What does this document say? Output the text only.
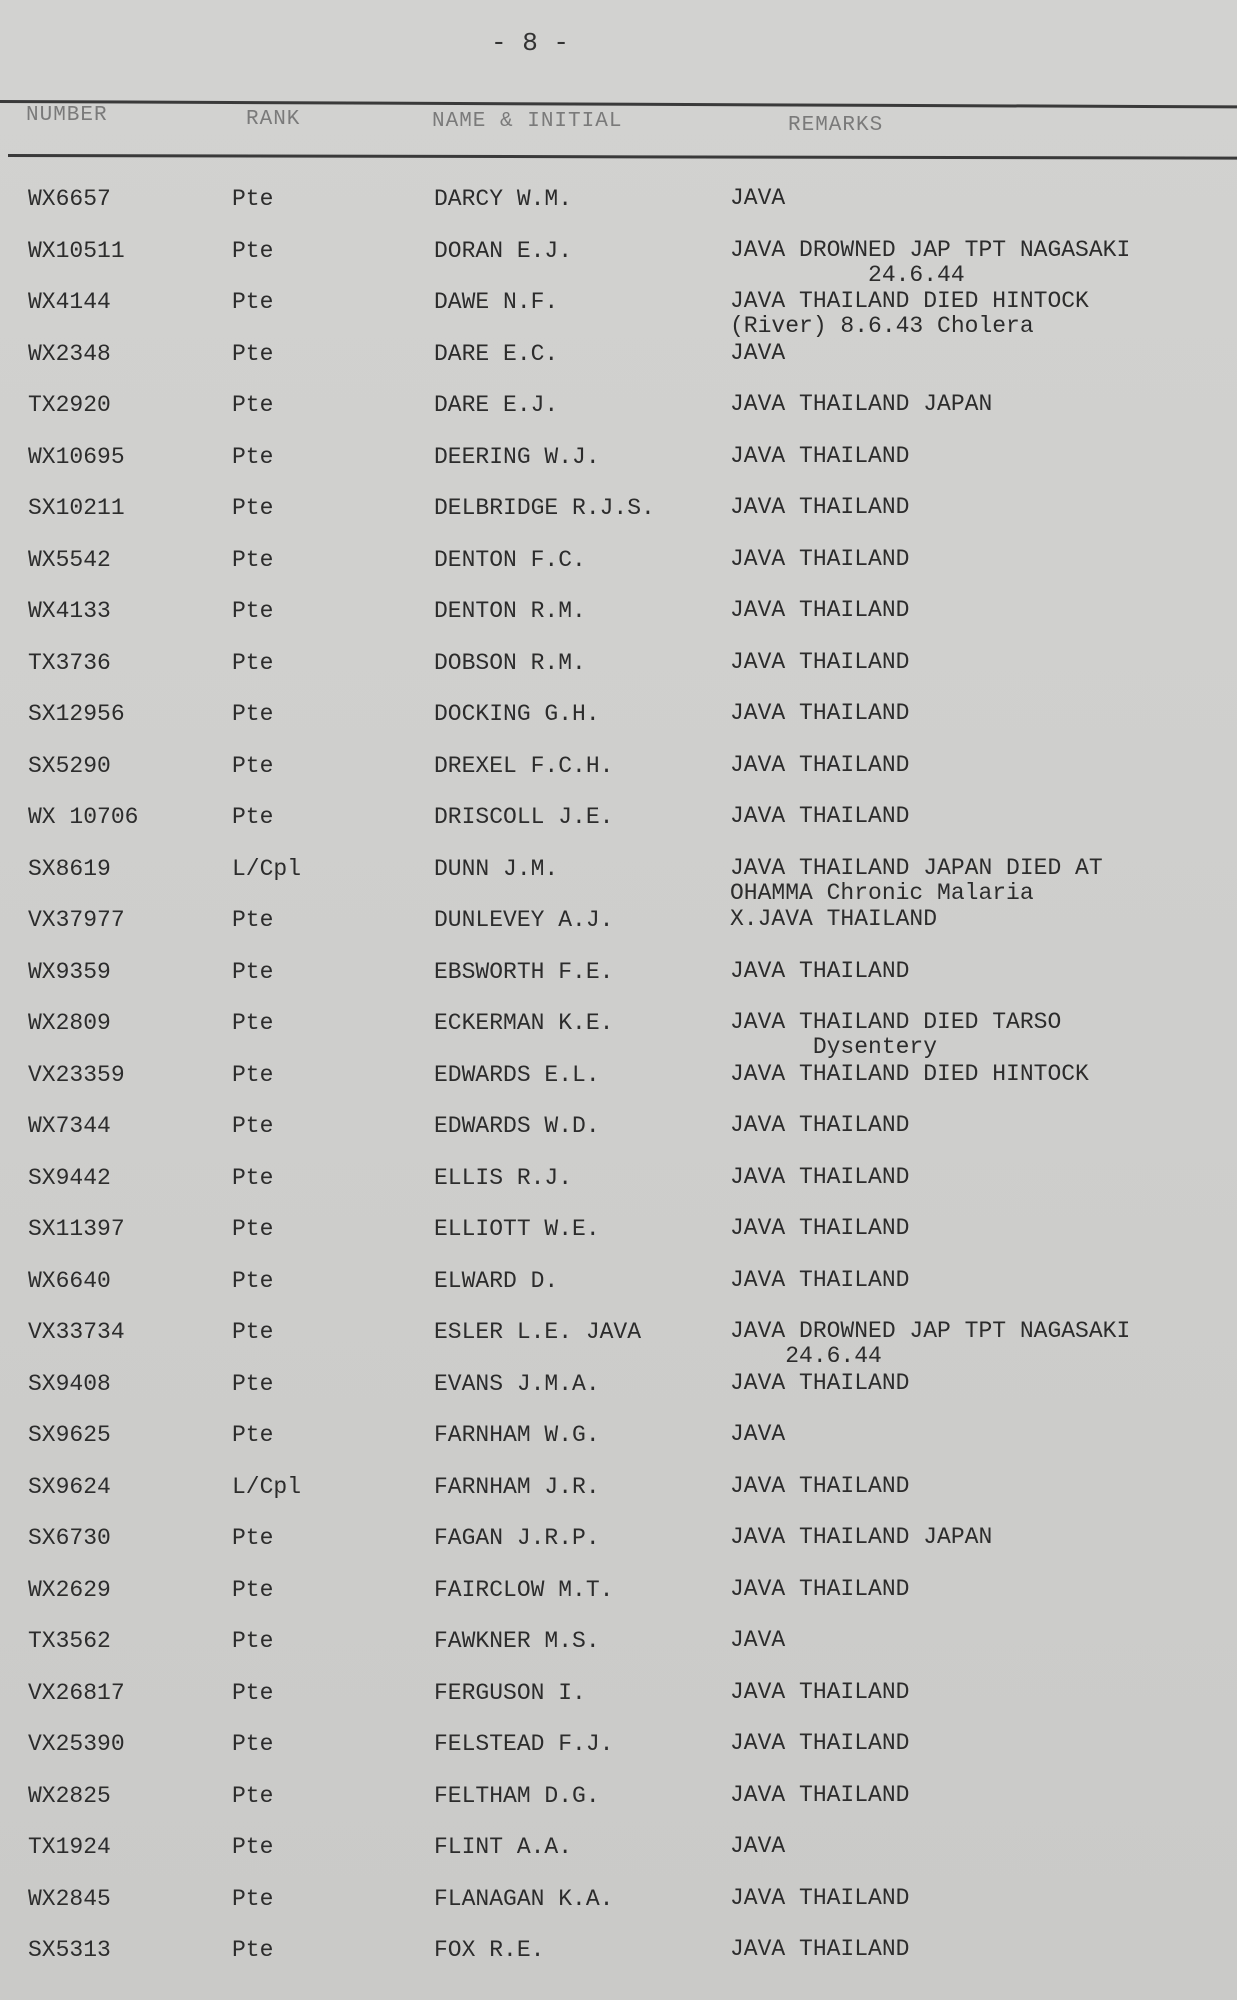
- 8 -
NUMBER	RANK	NAME & INITIAL	REMARKS
WX6657	Pte	DARCY W.M.	JAVA
WX10511	Pte	DORAN E.J.	JAVA DROWNED JAP TPT NAGASAKI
24.6.44
WX4144	Pte	DAWE N.F.	JAVA THAILAND DIED HINTOCK
(River) 8.6.43 Cholera
WX2348	Pte	DARE E.C.	JAVA
TX2920	Pte	DARE E.J.	JAVA THAILAND JAPAN
WX10695	Pte	DEERING W.J.	JAVA THAILAND
SX10211	Pte	DELBRIDGE R.J.S.	JAVA THAILAND
WX5542	Pte	DENTON F.C.	JAVA THAILAND
WX4133	Pte	DENTON R.M.	JAVA THAILAND
TX3736	Pte	DOBSON R.M.	JAVA THAILAND
SX12956	Pte	DOCKING G.H.	JAVA THAILAND
SX5290	Pte	DREXEL F.C.H.	JAVA THAILAND
WX 10706	Pte	DRISCOLL J.E.	JAVA THAILAND
SX8619	L/Cpl	DUNN J.M.	JAVA THAILAND JAPAN DIED AT
OHAMMA Chronic Malaria
VX37977	Pte	DUNLEVEY A.J.	X.JAVA THAILAND
WX9359	Pte	EBSWORTH F.E.	JAVA THAILAND
WX2809	Pte	ECKERMAN K.E.	JAVA THAILAND DIED TARSO
Dysentery
VX23359	Pte	EDWARDS E.L.	JAVA THAILAND DIED HINTOCK
WX7344	Pte	EDWARDS W.D.	JAVA THAILAND
SX9442	Pte	ELLIS R.J.	JAVA THAILAND
SX11397	Pte	ELLIOTT W.E.	JAVA THAILAND
WX6640	Pte	ELWARD D.	JAVA THAILAND
VX33734	Pte	ESLER L.E. JAVA	JAVA DROWNED JAP TPT NAGASAKI
24.6.44
SX9408	Pte	EVANS J.M.A.	JAVA THAILAND
SX9625	Pte	FARNHAM W.G.	JAVA
SX9624	L/Cpl	FARNHAM J.R.	JAVA THAILAND
SX6730	Pte	FAGAN J.R.P.	JAVA THAILAND JAPAN
WX2629	Pte	FAIRCLOW M.T.	JAVA THAILAND
TX3562	Pte	FAWKNER M.S.	JAVA
VX26817	Pte	FERGUSON I.	JAVA THAILAND
VX25390	Pte	FELSTEAD F.J.	JAVA THAILAND
WX2825	Pte	FELTHAM D.G.	JAVA THAILAND
TX1924	Pte	FLINT A.A.	JAVA
WX2845	Pte	FLANAGAN K.A.	JAVA THAILAND
SX5313	Pte	FOX R.E.	JAVA THAILAND
